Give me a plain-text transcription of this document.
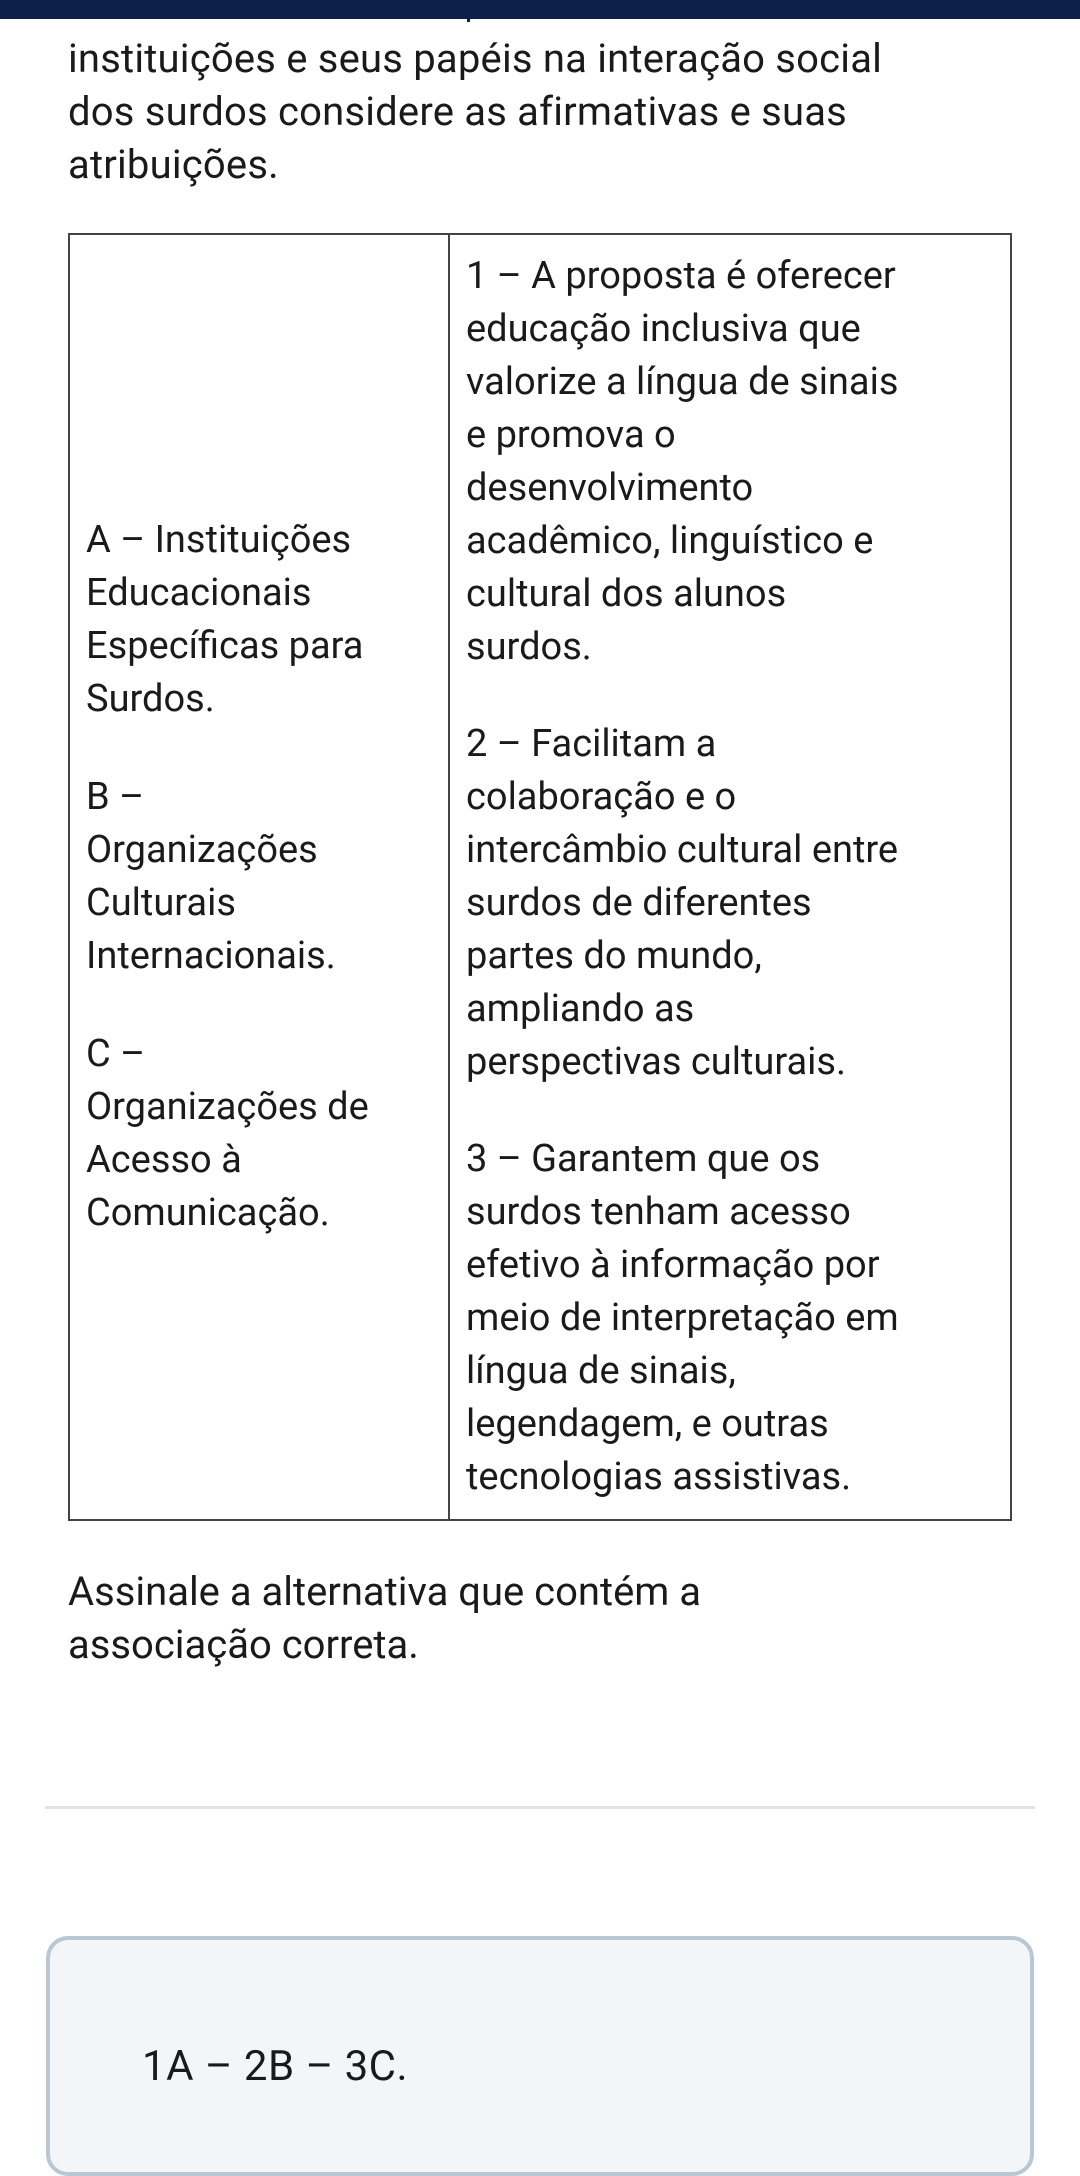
instituições e seus papéis na interação social
dos surdos considere as afirmativas e suas
atribuições.
A – Instituições
Educacionais
Específicas para
Surdos.
B –
Organizações
Culturais
Internacionais.
C –
Organizações de
Acesso à
Comunicação.
1 – A proposta é oferecer
educação inclusiva que
valorize a língua de sinais
e promova o
desenvolvimento
acadêmico, linguístico e
cultural dos alunos
surdos.
2 – Facilitam a
colaboração e o
intercâmbio cultural entre
surdos de diferentes
partes do mundo,
ampliando as
perspectivas culturais.
3 – Garantem que os
surdos tenham acesso
efetivo à informação por
meio de interpretação em
língua de sinais,
legendagem, e outras
tecnologias assistivas.
Assinale a alternativa que contém a
associação correta.
1A – 2B – 3C.
